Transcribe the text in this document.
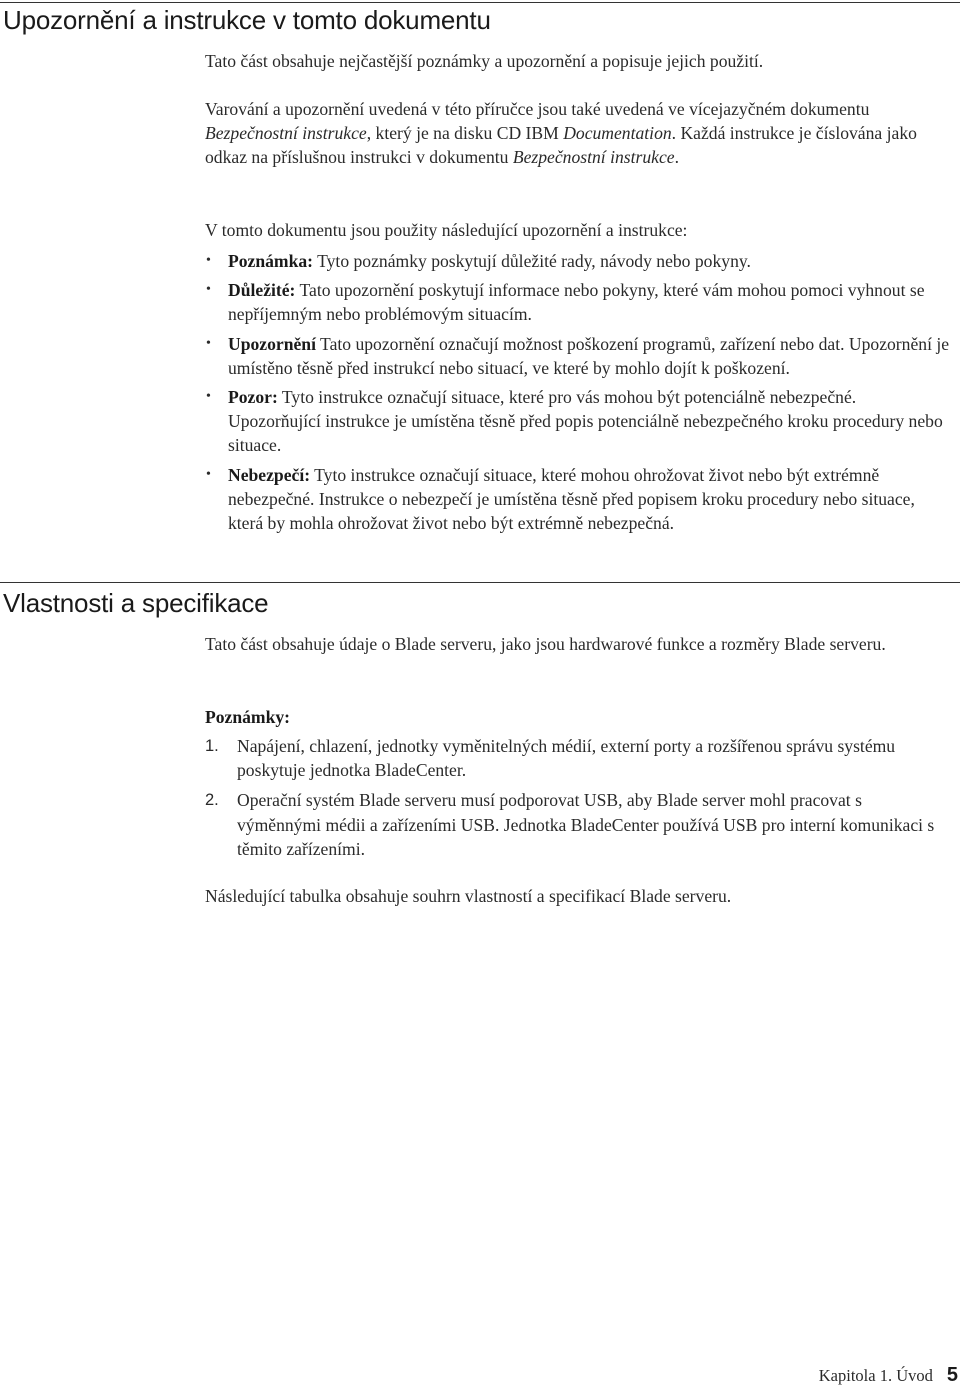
Upozornění a instrukce v tomto dokumentu

Tato část obsahuje nejčastější poznámky a upozornění a popisuje jejich použití.

Varování a upozornění uvedená v této příručce jsou také uvedená ve vícejazyčném dokumentu Bezpečnostní instrukce, který je na disku CD IBM Documentation. Každá instrukce je číslována jako odkaz na příslušnou instrukci v dokumentu Bezpečnostní instrukce.

V tomto dokumentu jsou použity následující upozornění a instrukce:

• Poznámka: Tyto poznámky poskytují důležité rady, návody nebo pokyny.
• Důležité: Tato upozornění poskytují informace nebo pokyny, které vám mohou pomoci vyhnout se nepříjemným nebo problémovým situacím.
• Upozornění Tato upozornění označují možnost poškození programů, zařízení nebo dat. Upozornění je umístěno těsně před instrukcí nebo situací, ve které by mohlo dojít k poškození.
• Pozor: Tyto instrukce označují situace, které pro vás mohou být potenciálně nebezpečné. Upozorňující instrukce je umístěna těsně před popis potenciálně nebezpečného kroku procedury nebo situace.
• Nebezpečí: Tyto instrukce označují situace, které mohou ohrožovat život nebo být extrémně nebezpečné. Instrukce o nebezpečí je umístěna těsně před popisem kroku procedury nebo situace, která by mohla ohrožovat život nebo být extrémně nebezpečná.
Vlastnosti a specifikace

Tato část obsahuje údaje o Blade serveru, jako jsou hardwarové funkce a rozměry Blade serveru.

Poznámky:

1. Napájení, chlazení, jednotky vyměnitelných médií, externí porty a rozšířenou správu systému poskytuje jednotka BladeCenter.
2. Operační systém Blade serveru musí podporovat USB, aby Blade server mohl pracovat s výměnnými médii a zařízeními USB. Jednotka BladeCenter používá USB pro interní komunikaci s těmito zařízeními.

Následující tabulka obsahuje souhrn vlastností a specifikací Blade serveru.

Kapitola 1. Úvod 5
